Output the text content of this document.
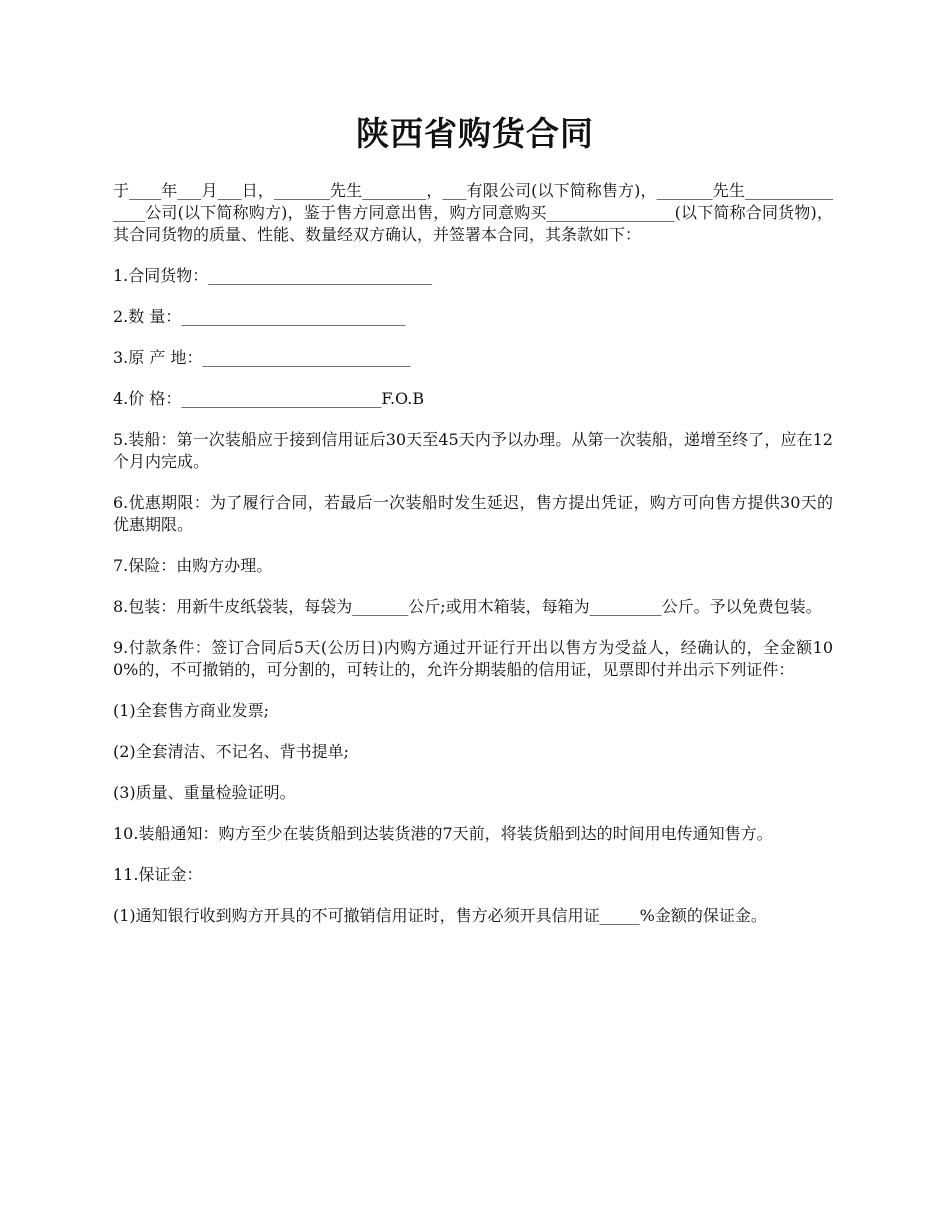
陕西省购货合同

于____年___月___日，_______先生________，___有限公司(以下简称售方)，_______先生_______________公司(以下简称购方)，鉴于售方同意出售，购方同意购买________________(以下简称合同货物)，其合同货物的质量、性能、数量经双方确认，并签署本合同，其条款如下：

1.合同货物：____________________________

2.数 量：____________________________

3.原 产 地：__________________________

4.价 格：_________________________F.O.B

5.装船：第一次装船应于接到信用证后30天至45天内予以办理。从第一次装船，递增至终了，应在12个月内完成。

6.优惠期限：为了履行合同，若最后一次装船时发生延迟，售方提出凭证，购方可向售方提供30天的优惠期限。

7.保险：由购方办理。

8.包装：用新牛皮纸袋装，每袋为_______公斤;或用木箱装，每箱为_________公斤。予以免费包装。

9.付款条件：签订合同后5天(公历日)内购方通过开证行开出以售方为受益人，经确认的，全金额100%的，不可撤销的，可分割的，可转让的，允许分期装船的信用证，见票即付并出示下列证件：

(1)全套售方商业发票;

(2)全套清洁、不记名、背书提单;

(3)质量、重量检验证明。

10.装船通知：购方至少在装货船到达装货港的7天前，将装货船到达的时间用电传通知售方。

11.保证金：

(1)通知银行收到购方开具的不可撤销信用证时，售方必须开具信用证_____%金额的保证金。
